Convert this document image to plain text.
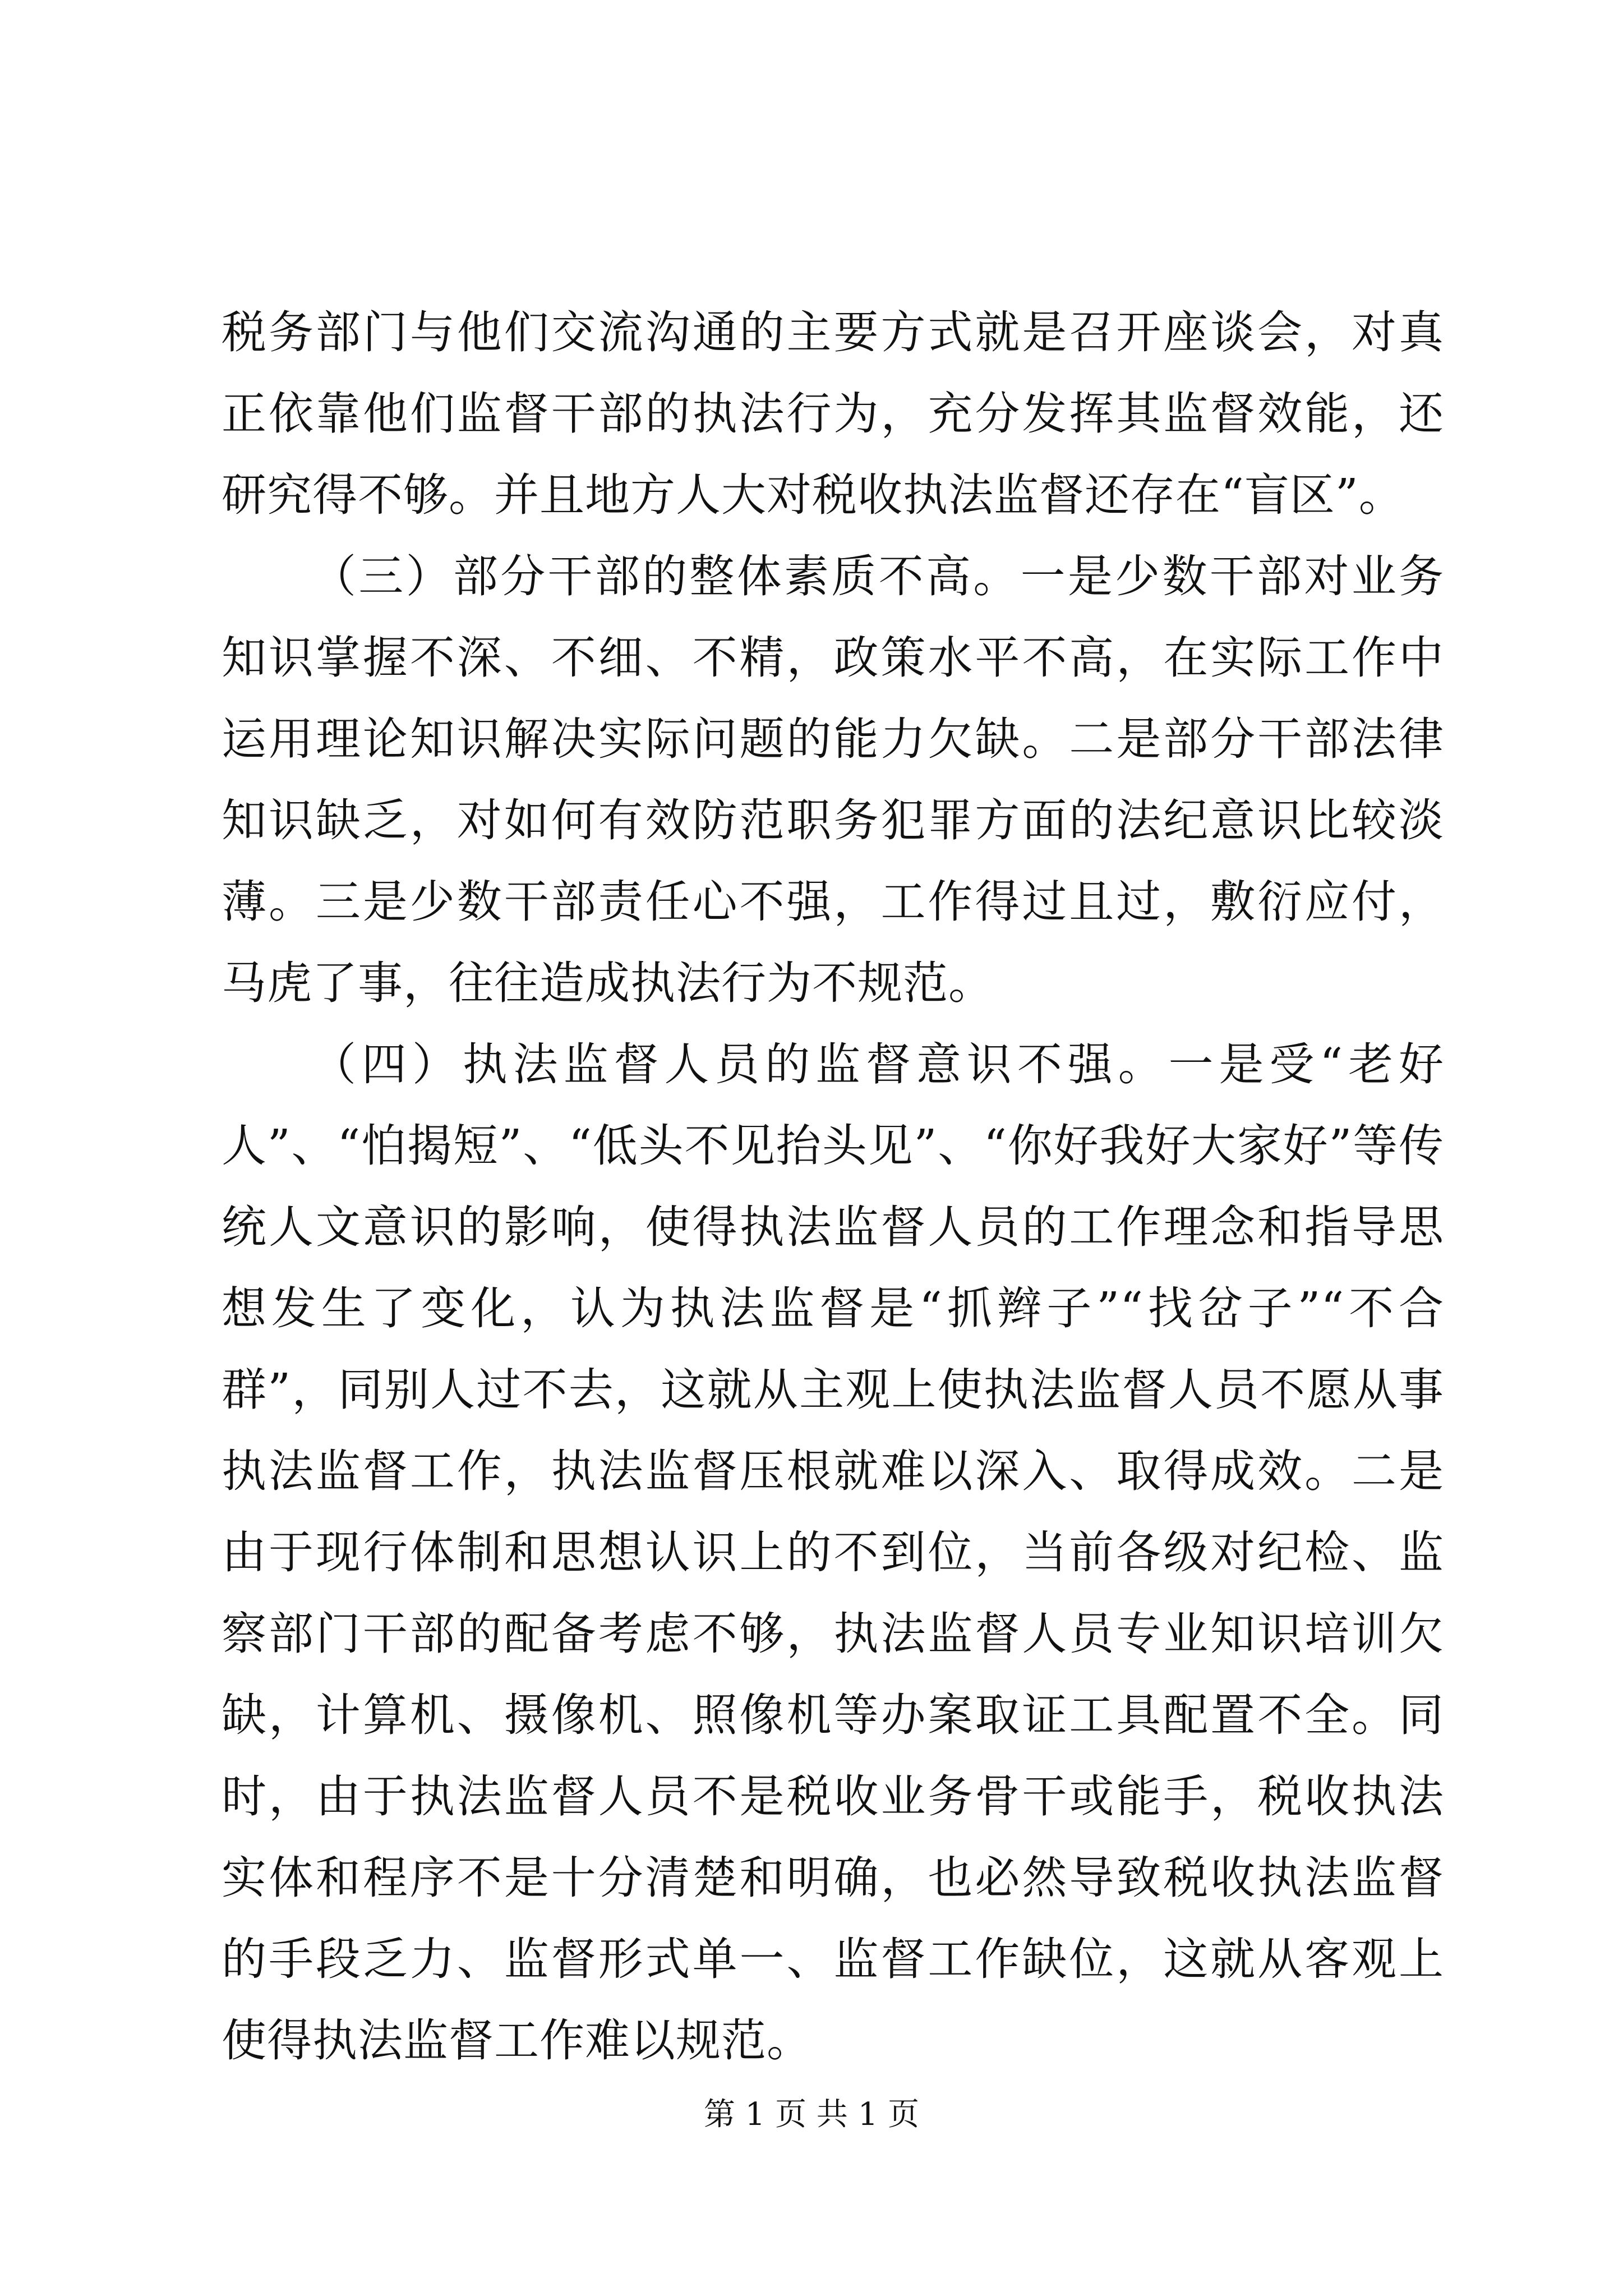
税务部门与他们交流沟通的主要方式就是召开座谈会，对真正依靠他们监督干部的执法行为，充分发挥其监督效能，还研究得不够。并且地方人大对税收执法监督还存在“盲区”。

（三）部分干部的整体素质不高。一是少数干部对业务知识掌握不深、不细、不精，政策水平不高，在实际工作中运用理论知识解决实际问题的能力欠缺。二是部分干部法律知识缺乏，对如何有效防范职务犯罪方面的法纪意识比较淡薄。三是少数干部责任心不强，工作得过且过，敷衍应付，马虎了事，往往造成执法行为不规范。

（四）执法监督人员的监督意识不强。一是受“老好人”、“怕揭短”、“低头不见抬头见”、“你好我好大家好”等传统人文意识的影响，使得执法监督人员的工作理念和指导思想发生了变化，认为执法监督是“抓辫子”“找岔子”“不合群”，同别人过不去，这就从主观上使执法监督人员不愿从事执法监督工作，执法监督压根就难以深入、取得成效。二是由于现行体制和思想认识上的不到位，当前各级对纪检、监察部门干部的配备考虑不够，执法监督人员专业知识培训欠缺，计算机、摄像机、照像机等办案取证工具配置不全。同时，由于执法监督人员不是税收业务骨干或能手，税收执法实体和程序不是十分清楚和明确，也必然导致税收执法监督的手段乏力、监督形式单一、监督工作缺位，这就从客观上使得执法监督工作难以规范。

第 1 页 共 1 页
